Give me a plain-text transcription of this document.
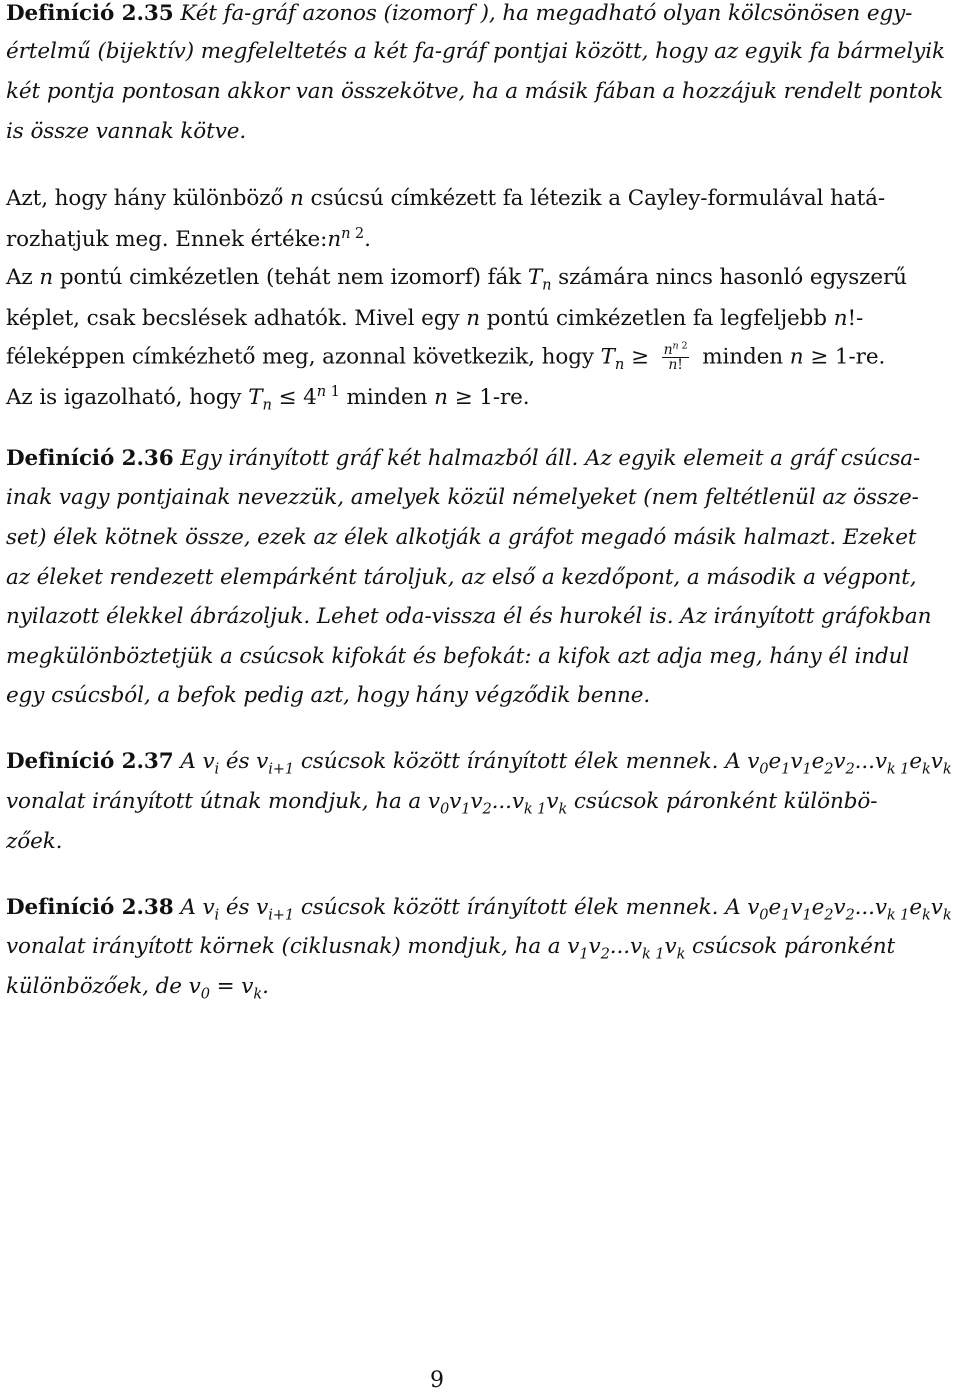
Definíció 2.35 Két fa-gráf azonos (izomorf ), ha megadható olyan kölcsönösen egy-
értelmű (bijektív) megfeleltetés a két fa-gráf pontjai között, hogy az egyik fa bármelyik
két pontja pontosan akkor van összekötve, ha a másik fában a hozzájuk rendelt pontok
is össze vannak kötve.
Azt, hogy hány különböző n csúcsú címkézett fa létezik a Cayley-formulával hatá-
rozhatjuk meg. Ennek $értéke:n^{n 2}$.
Az n pontú cimkézetlen (tehát nem izomorf) fák $T_n$ számára nincs hasonló egyszerű
képlet, csak becslések adhatók. Mivel egy n pontú cimkézetlen fa legfeljebb n!-
féleképpen címkézhető meg, azonnal következik, hogy $T_n \ge \frac{n^{n 2}}{n!}$ minden n ≥ 1-re.
Az is igazolható, hogy $T_n \le 4^{n 1}$ minden n ≥ 1-re.
Definíció 2.36 Egy irányított gráf két halmazból áll. Az egyik elemeit a gráf csúcsa-
inak vagy pontjainak nevezzük, amelyek közül némelyeket (nem feltétlenül az össze-
set) élek kötnek össze, ezek az élek alkotják a gráfot megadó másik halmazt. Ezeket
az éleket rendezett elempárként tároljuk, az első a kezdőpont, a második a végpont,
nyilazott élekkel ábrázoljuk. Lehet oda-vissza él és hurokél is. Az irányított gráfokban
megkülönböztetjük a csúcsok kifokát és befokát: a kifok azt adja meg, hány él indul
egy csúcsból, a befok pedig azt, hogy hány végződik benne.
Definíció 2.37 A $v_i$ és $v_{i+1}$ csúcsok között írányított élek mennek. A $v_0e_1v_1e_2v_2...v_{k 1}e_kv_k$
vonalat irányított útnak mondjuk, ha a $v_0v_1v_2...v_{k 1}v_k$ csúcsok páronként különbö-
zőek.
Definíció 2.38 A $v_i$ és $v_{i+1}$ csúcsok között írányított élek mennek. A $v_0e_1v_1e_2v_2...v_{k 1}e_kv_k$
vonalat irányított körnek (ciklusnak) mondjuk, ha a $v_1v_2...v_{k 1}v_k$ csúcsok páronként
különbözőek, de $v_0 = v_k$.
9
